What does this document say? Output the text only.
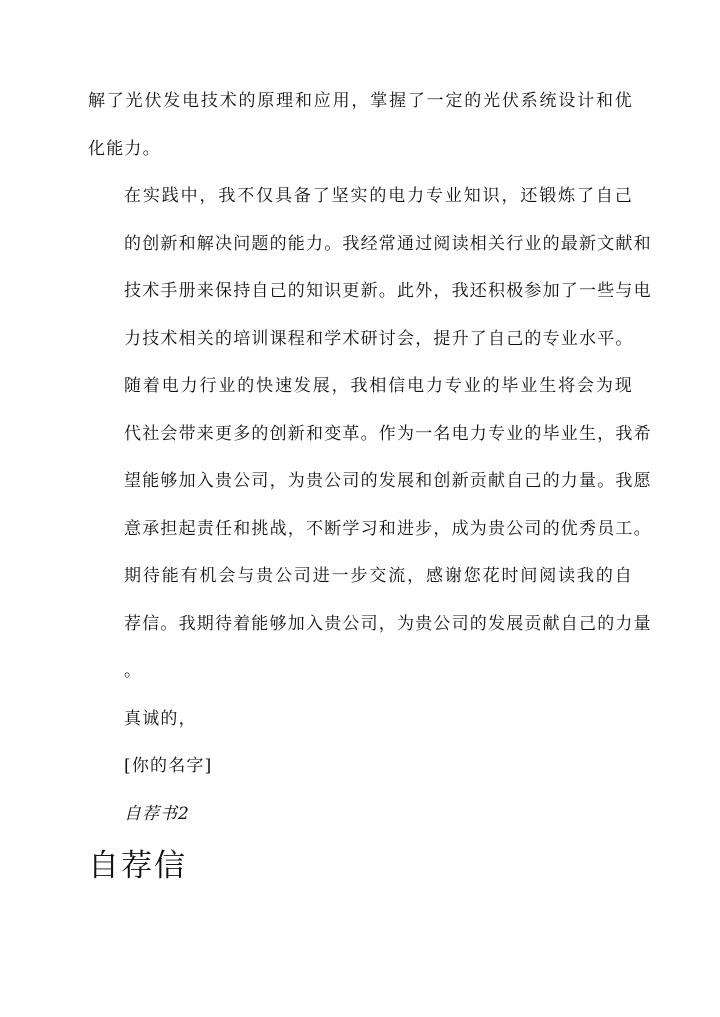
解了光伏发电技术的原理和应用，掌握了一定的光伏系统设计和优
化能力。

在实践中，我不仅具备了坚实的电力专业知识，还锻炼了自己
的创新和解决问题的能力。我经常通过阅读相关行业的最新文献和
技术手册来保持自己的知识更新。此外，我还积极参加了一些与电
力技术相关的培训课程和学术研讨会，提升了自己的专业水平。

随着电力行业的快速发展，我相信电力专业的毕业生将会为现
代社会带来更多的创新和变革。作为一名电力专业的毕业生，我希
望能够加入贵公司，为贵公司的发展和创新贡献自己的力量。我愿
意承担起责任和挑战，不断学习和进步，成为贵公司的优秀员工。

期待能有机会与贵公司进一步交流，感谢您花时间阅读我的自
荐信。我期待着能够加入贵公司，为贵公司的发展贡献自己的力量
。

真诚的，

[你的名字]

自荐书2

自荐信
